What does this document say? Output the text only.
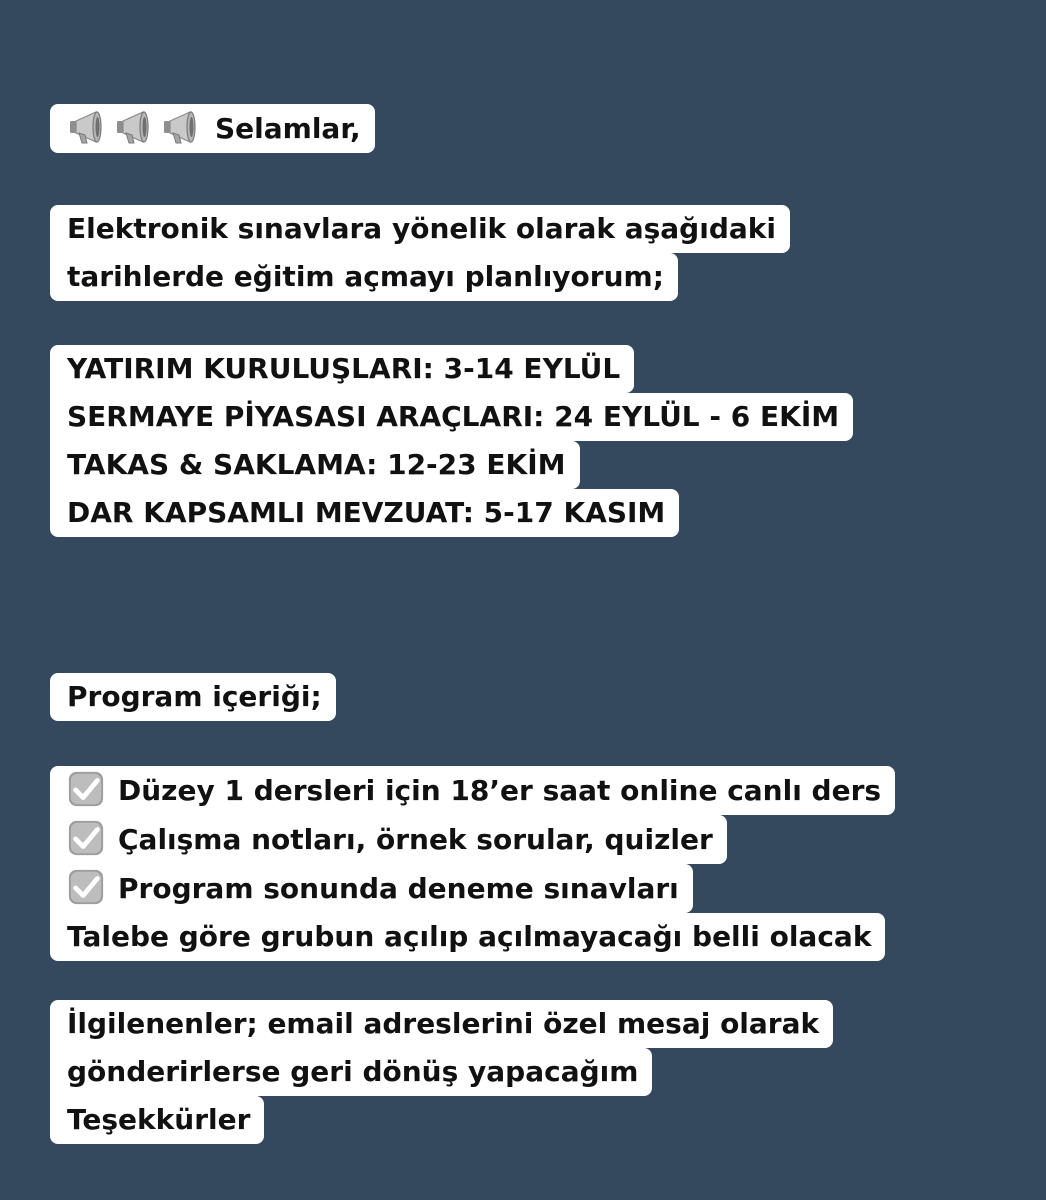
Selamlar,
Elektronik sınavlara yönelik olarak aşağıdaki
tarihlerde eğitim açmayı planlıyorum;
YATIRIM KURULUŞLARI: 3-14 EYLÜL
SERMAYE PİYASASI ARAÇLARI: 24 EYLÜL - 6 EKİM
TAKAS & SAKLAMA: 12-23 EKİM
DAR KAPSAMLI MEVZUAT: 5-17 KASIM
Program içeriği;
Düzey 1 dersleri için 18’er saat online canlı ders
Çalışma notları, örnek sorular, quizler
Program sonunda deneme sınavları
Talebe göre grubun açılıp açılmayacağı belli olacak
İlgilenenler; email adreslerini özel mesaj olarak
gönderirlerse geri dönüş yapacağım
Teşekkürler
